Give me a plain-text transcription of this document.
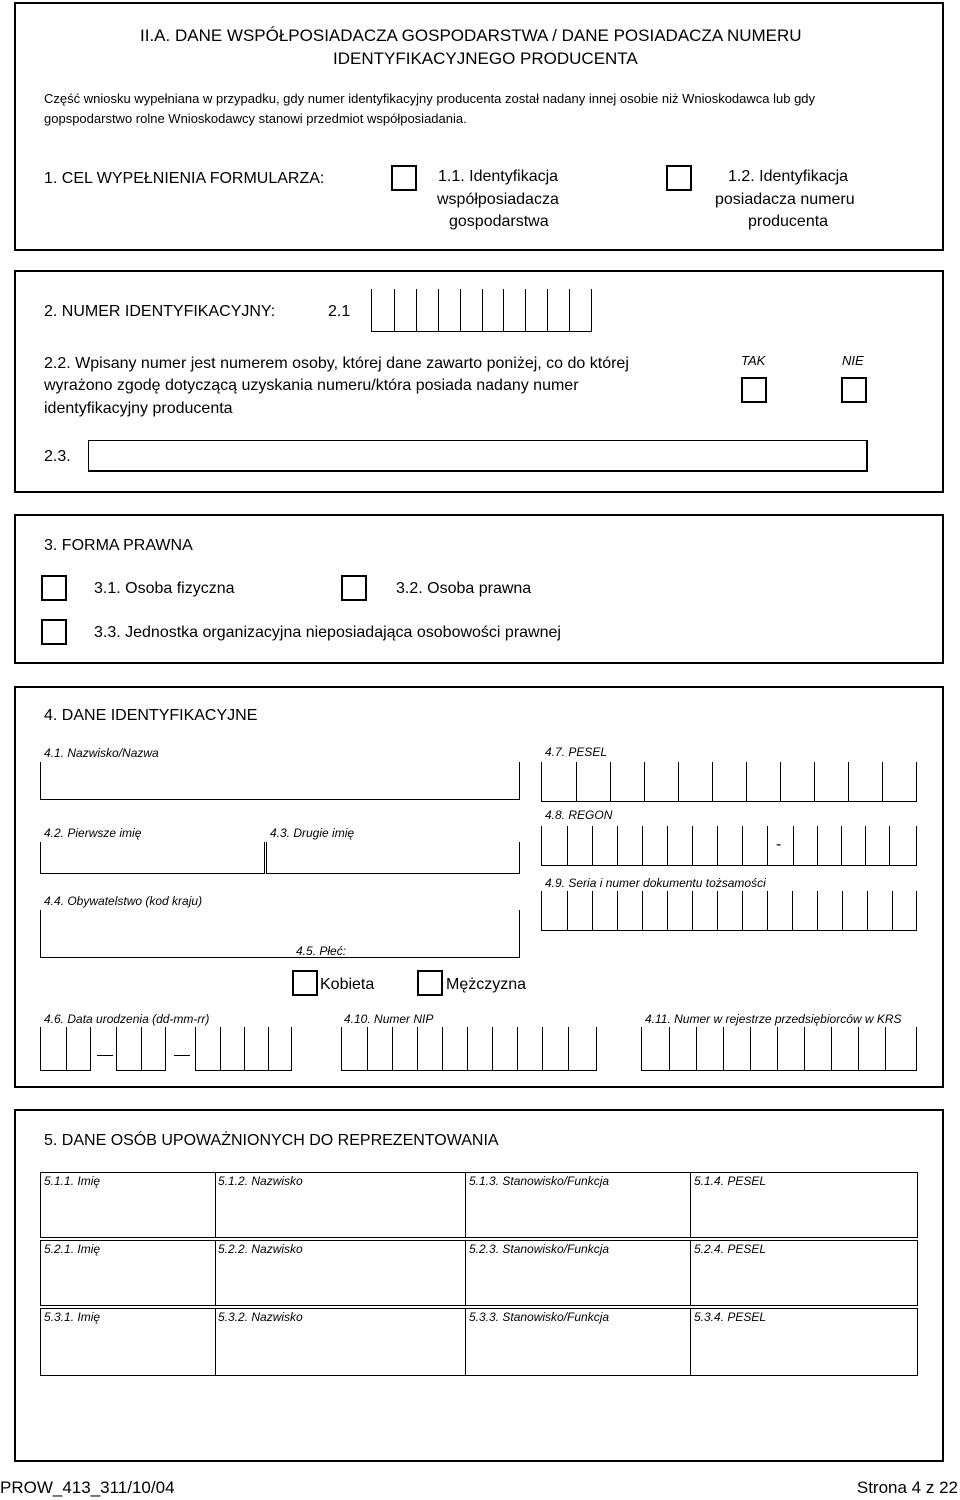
II.A. DANE WSPÓŁPOSIADACZA GOSPODARSTWA / DANE POSIADACZA NUMERU
IDENTYFIKACYJNEGO PRODUCENTA
Część wniosku wypełniana w przypadku, gdy numer identyfikacyjny producenta został nadany innej osobie niż Wnioskodawca lub gdy
gopspodarstwo rolne Wnioskodawcy stanowi przedmiot współposiadania.
1. CEL WYPEŁNIENIA FORMULARZA:	1.1. Identyfikacja
współposiadacza
gospodarstwa
1.2. Identyfikacja
posiadacza numeru
producenta
2. NUMER IDENTYFIKACYJNY:	2.1
2.2. Wpisany numer jest numerem osoby, której dane zawarto poniżej, co do której
wyrażono zgodę dotyczącą uzyskania numeru/która posiada nadany numer
identyfikacyjny producenta
TAK	NIE
2.3.
3. FORMA PRAWNA
3.1. Osoba fizyczna	3.2. Osoba prawna
3.3. Jednostka organizacyjna nieposiadająca osobowości prawnej
4. DANE IDENTYFIKACYJNE
4.1. Nazwisko/Nazwa
4.2. Pierwsze imię	4.3. Drugie imię
4.4. Obywatelstwo (kod kraju)
4.5. Płeć:
Kobieta	Mężczyzna
4.7. PESEL
4.8. REGON
-
4.9. Seria i numer dokumentu tożsamości
4.6. Data urodzenia (dd-mm-rr)	4.10. Numer NIP	4.11. Numer w rejestrze przedsiębiorców w KRS
5. DANE OSÓB UPOWAŻNIONYCH DO REPREZENTOWANIA
5.1.1. Imię	5.1.2. Nazwisko	5.1.3. Stanowisko/Funkcja	5.1.4. PESEL
5.2.1. Imię	5.2.2. Nazwisko	5.2.3. Stanowisko/Funkcja	5.2.4. PESEL
5.3.1. Imię	5.3.2. Nazwisko	5.3.3. Stanowisko/Funkcja	5.3.4. PESEL
PROW_413_311/10/04	Strona 4 z 22
